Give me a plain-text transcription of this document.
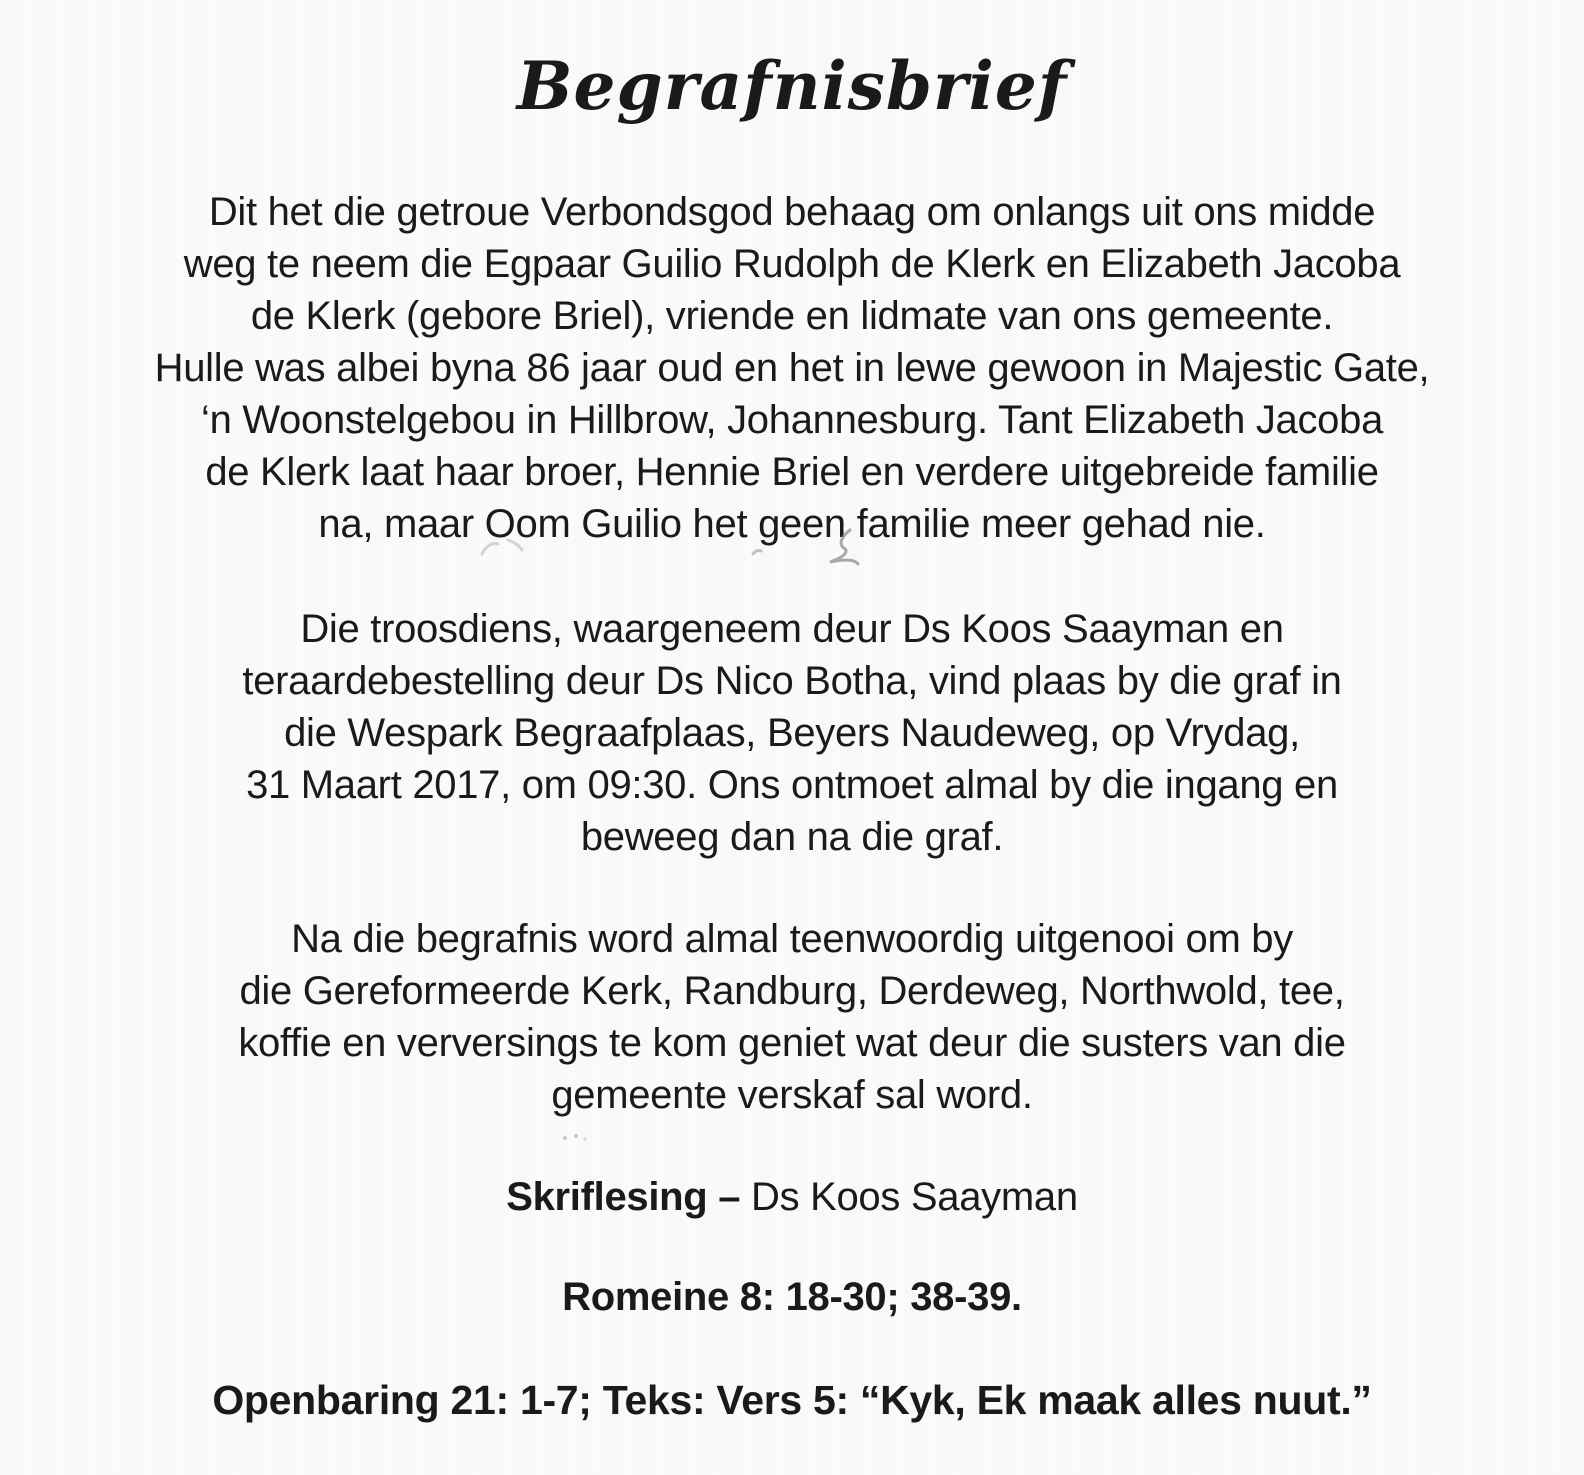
Begrafnisbrief
Dit het die getroue Verbondsgod behaag om onlangs uit ons midde
weg te neem die Egpaar Guilio Rudolph de Klerk en Elizabeth Jacoba
de Klerk (gebore Briel), vriende en lidmate van ons gemeente.
Hulle was albei byna 86 jaar oud en het in lewe gewoon in Majestic Gate,
‘n Woonstelgebou in Hillbrow, Johannesburg. Tant Elizabeth Jacoba
de Klerk laat haar broer, Hennie Briel en verdere uitgebreide familie
na, maar Oom Guilio het geen familie meer gehad nie.
Die troosdiens, waargeneem deur Ds Koos Saayman en
teraardebestelling deur Ds Nico Botha, vind plaas by die graf in
die Wespark Begraafplaas, Beyers Naudeweg, op Vrydag,
31 Maart 2017, om 09:30. Ons ontmoet almal by die ingang en
beweeg dan na die graf.
Na die begrafnis word almal teenwoordig uitgenooi om by
die Gereformeerde Kerk, Randburg, Derdeweg, Northwold, tee,
koffie en verversings te kom geniet wat deur die susters van die
gemeente verskaf sal word.
Skriflesing – Ds Koos Saayman
Romeine 8: 18-30; 38-39.
Openbaring 21: 1-7; Teks: Vers 5: “Kyk, Ek maak alles nuut.”
